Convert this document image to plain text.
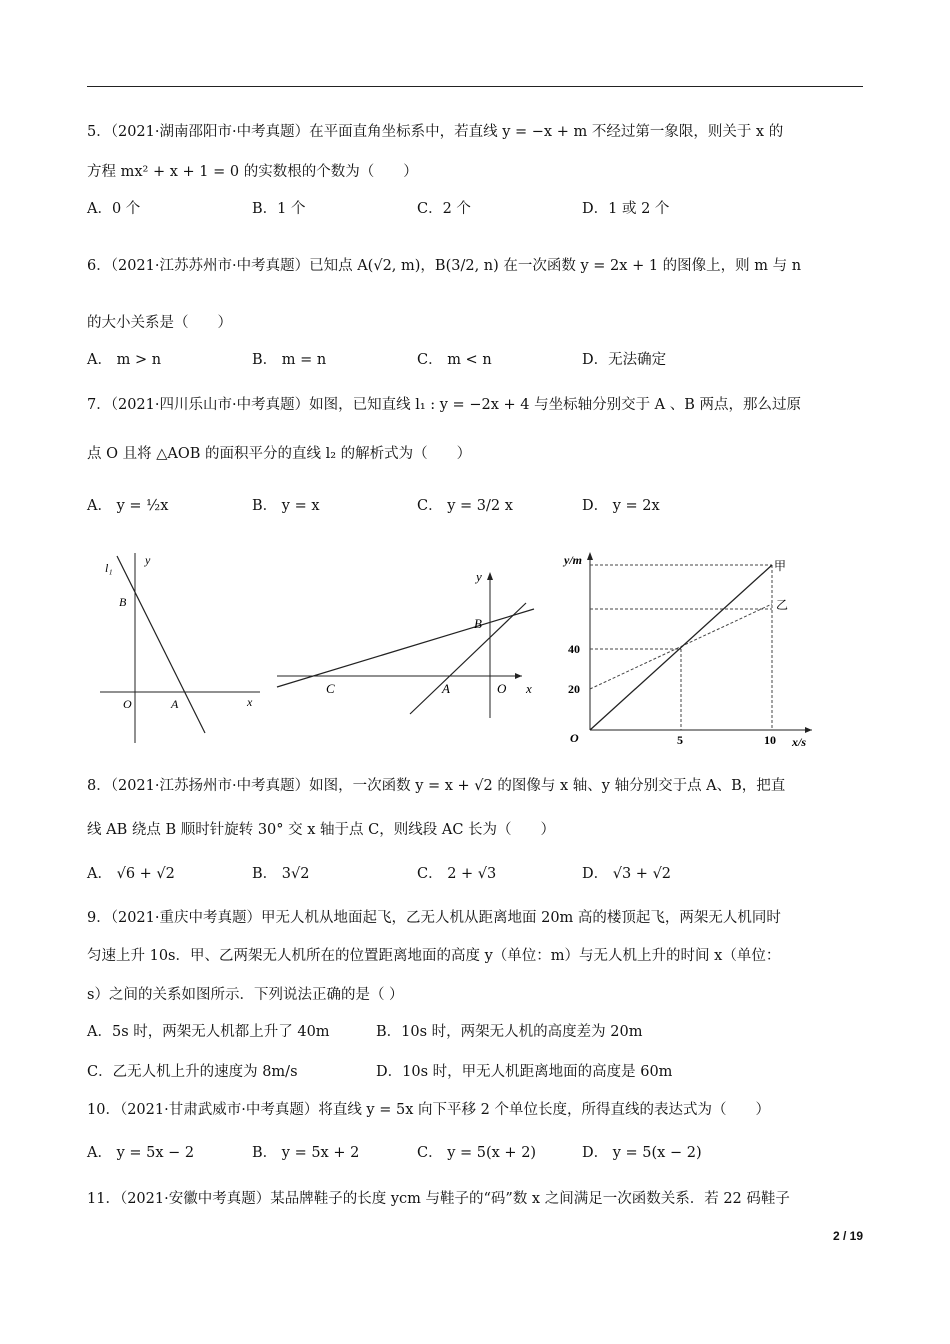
5．（2021·湖南邵阳市·中考真题）在平面直角坐标系中，若直线 y = −x + m 不经过第一象限，则关于 x 的
方程 mx² + x + 1 = 0 的实数根的个数为（　　）
A．0 个	B．1 个	C．2 个	D．1 或 2 个
6．（2021·江苏苏州市·中考真题）已知点 A(√2, m)，B(3/2, n) 在一次函数 y = 2x + 1 的图像上，则 m 与 n
的大小关系是（　　）
A． m > n	B． m = n	C． m < n	D．无法确定
7．（2021·四川乐山市·中考真题）如图，已知直线 l₁ : y = −2x + 4 与坐标轴分别交于 A 、B 两点，那么过原
点 O 且将 △AOB 的面积平分的直线 l₂ 的解析式为（　　）
A． y = ½x	B． y = x	C． y = 3/2 x	D． y = 2x
l₁
y
B
O	A	x
y
B
C	A	O x
y/m
x/s
甲
乙
40
20
5	10
O
8．（2021·江苏扬州市·中考真题）如图，一次函数 y = x + √2 的图像与 x 轴、y 轴分别交于点 A、B，把直
线 AB 绕点 B 顺时针旋转 30° 交 x 轴于点 C，则线段 AC 长为（　　）
A． √6 + √2	B． 3√2	C． 2 + √3	D． √3 + √2
9．（2021·重庆中考真题）甲无人机从地面起飞，乙无人机从距离地面 20m 高的楼顶起飞，两架无人机同时
匀速上升 10s．甲、乙两架无人机所在的位置距离地面的高度 y（单位：m）与无人机上升的时间 x（单位：
s）之间的关系如图所示．下列说法正确的是（ ）
A．5s 时，两架无人机都上升了 40m	B．10s 时，两架无人机的高度差为 20m
C．乙无人机上升的速度为 8m/s	D．10s 时，甲无人机距离地面的高度是 60m
10．（2021·甘肃武威市·中考真题）将直线 y = 5x 向下平移 2 个单位长度，所得直线的表达式为（　　）
A． y = 5x − 2	B． y = 5x + 2	C． y = 5(x + 2)	D． y = 5(x − 2)
11．（2021·安徽中考真题）某品牌鞋子的长度 ycm 与鞋子的“码”数 x 之间满足一次函数关系．若 22 码鞋子
2 / 19
